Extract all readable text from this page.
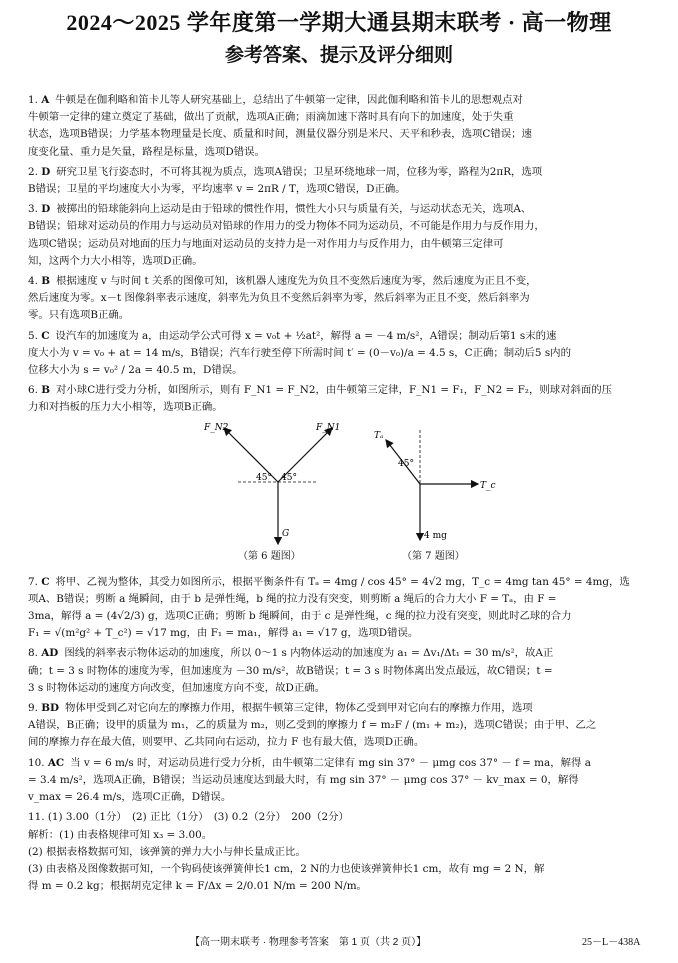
2024～2025 学年度第一学期大通县期末联考 · 高一物理
参考答案、提示及评分细则

1. A 牛顿是在伽利略和笛卡儿等人研究基础上，总结出了牛顿第一定律，因此伽利略和笛卡儿的思想观点对

牛顿第一定律的建立奠定了基础，做出了贡献，选项A正确；雨滴加速下落时具有向下的加速度，处于失重

状态，选项B错误；力学基本物理量是长度、质量和时间，测量仪器分别是米尺、天平和秒表，选项C错误；速

度变化量、重力是矢量，路程是标量，选项D错误。

2. D 研究卫星飞行姿态时，不可将其视为质点，选项A错误；卫星环绕地球一周，位移为零，路程为2πR，选项

B错误；卫星的平均速度大小为零，平均速率 v = 2πR / T，选项C错误，D正确。

3. D 被掷出的铅球能斜向上运动是由于铅球的惯性作用，惯性大小只与质量有关，与运动状态无关，选项A、

B错误；铅球对运动员的作用力与运动员对铅球的作用力的受力物体不同为运动员，不可能是作用力与反作用力，

选项C错误；运动员对地面的压力与地面对运动员的支持力是一对作用力与反作用力，由牛顿第三定律可

知，这两个力大小相等，选项D正确。

4. B 根据速度 v 与时间 t 关系的图像可知，该机器人速度先为负且不变然后速度为零，然后速度为正且不变，

然后速度为零。x－t 图像斜率表示速度，斜率先为负且不变然后斜率为零，然后斜率为正且不变，然后斜率为

零。只有选项B正确。

5. C 设汽车的加速度为 a，由运动学公式可得 x = v₀t + ½at²，解得 a = －4 m/s²，A错误；制动后第1 s末的速

度大小为 v = v₀ + at = 14 m/s，B错误；汽车行驶至停下所需时间 t′ = (0－v₀)/a = 4.5 s，C正确；制动后5 s内的

位移大小为 s = v₀² / 2a = 40.5 m，D错误。

6. B 对小球C进行受力分析，如图所示，则有 F_N1 = F_N2，由牛顿第三定律，F_N1 = F₁，F_N2 = F₂，则球对斜面的压

力和对挡板的压力大小相等，选项B正确。

F_N2	F_N1
45° 45°
G
（第 6 题图）
Tₐ
45°
T_c
4 mg
（第 7 题图）

7. C 将甲、乙视为整体，其受力如图所示，根据平衡条件有 Tₐ = 4mg / cos 45° = 4√2 mg，T_c = 4mg tan 45° = 4mg，选

项A、B错误；剪断 a 绳瞬间，由于 b 是弹性绳，b 绳的拉力没有突变，则剪断 a 绳后的合力大小 F = Tₐ，由 F =

3ma，解得 a = (4√2/3) g，选项C正确；剪断 b 绳瞬间，由于 c 是弹性绳，c 绳的拉力没有突变，则此时乙球的合力

F₁ = √(m²g² + T_c²) = √17 mg，由 F₁ = ma₁，解得 a₁ = √17 g，选项D错误。

8. AD 图线的斜率表示物体运动的加速度，所以 0～1 s 内物体运动的加速度为 a₁ = Δv₁/Δt₁ = 30 m/s²，故A正

确；t = 3 s 时物体的速度为零，但加速度为 －30 m/s²，故B错误；t = 3 s 时物体离出发点最远，故C错误；t =

3 s 时物体运动的速度方向改变，但加速度方向不变，故D正确。

9. BD 物体甲受到乙对它向左的摩擦力作用，根据牛顿第三定律，物体乙受到甲对它向右的摩擦力作用，选项

A错误，B正确；设甲的质量为 m₁，乙的质量为 m₂，则乙受到的摩擦力 f = m₂F / (m₁ + m₂)，选项C错误；由于甲、乙之

间的摩擦力存在最大值，则要甲、乙共同向右运动，拉力 F 也有最大值，选项D正确。

10. AC 当 v = 6 m/s 时，对运动员进行受力分析，由牛顿第二定律有 mg sin 37° － μmg cos 37° － f = ma，解得 a

= 3.4 m/s²，选项A正确，B错误；当运动员速度达到最大时，有 mg sin 37° － μmg cos 37° － kv_max = 0，解得

v_max = 26.4 m/s，选项C正确，D错误。

11. (1) 3.00（1分）　(2) 正比（1分）　(3) 0.2（2分）　200（2分）

解析：(1) 由表格规律可知 x₃ = 3.00。

(2) 根据表格数据可知，该弹簧的弹力大小与伸长量成正比。

(3) 由表格及图像数据可知，一个钩码使该弹簧伸长1 cm，2 N的力也使该弹簧伸长1 cm，故有 mg = 2 N，解

得 m = 0.2 kg；根据胡克定律 k = F/Δx = 2/0.01 N/m = 200 N/m。

【高一期末联考 · 物理参考答案　第 1 页（共 2 页）】	25－L－438A
